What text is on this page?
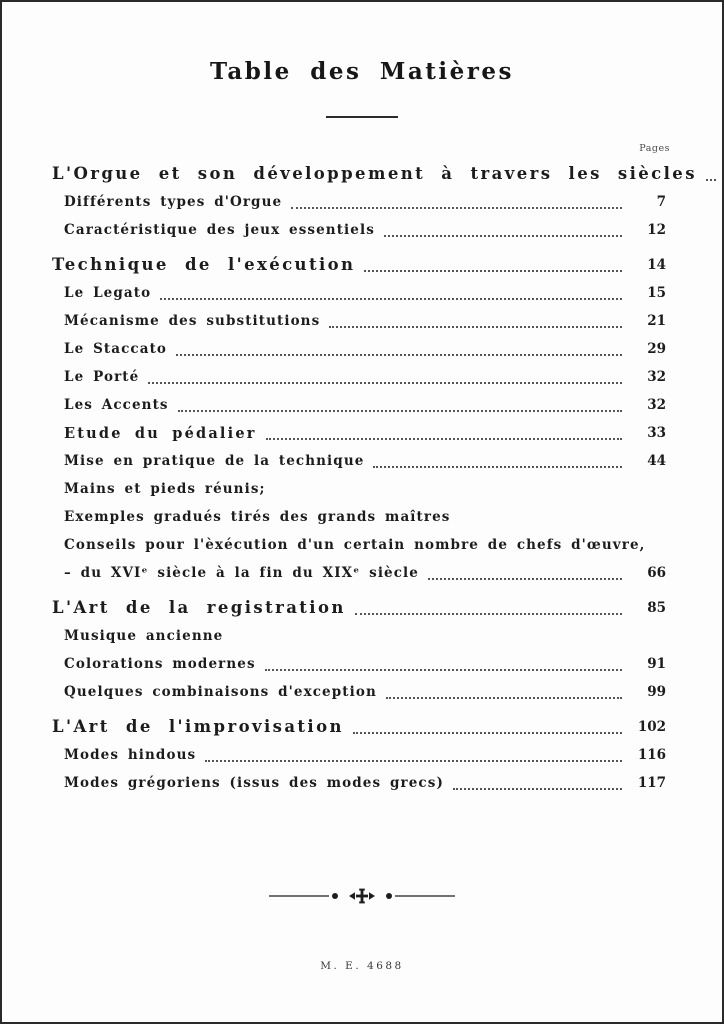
Table des Matières
Pages
L'Orgue et son développement à travers les siècles
Différents types d'Orgue	7
Caractéristique des jeux essentiels	12
Technique de l'exécution	14
Le Legato	15
Mécanisme des substitutions	21
Le Staccato	29
Le Porté	32
Les Accents	32
Etude du pédalier	33
Mise en pratique de la technique	44
Mains et pieds réunis;
Exemples gradués tirés des grands maîtres
Conseils pour l'èxécution d'un certain nombre de chefs d'œuvre,
– du XVIᵉ siècle à la fin du XIXᵉ siècle	66
L'Art de la registration	85
Musique ancienne
Colorations modernes	91
Quelques combinaisons d'exception	99
L'Art de l'improvisation	102
Modes hindous	116
Modes grégoriens (issus des modes grecs)	117
M. E. 4688
